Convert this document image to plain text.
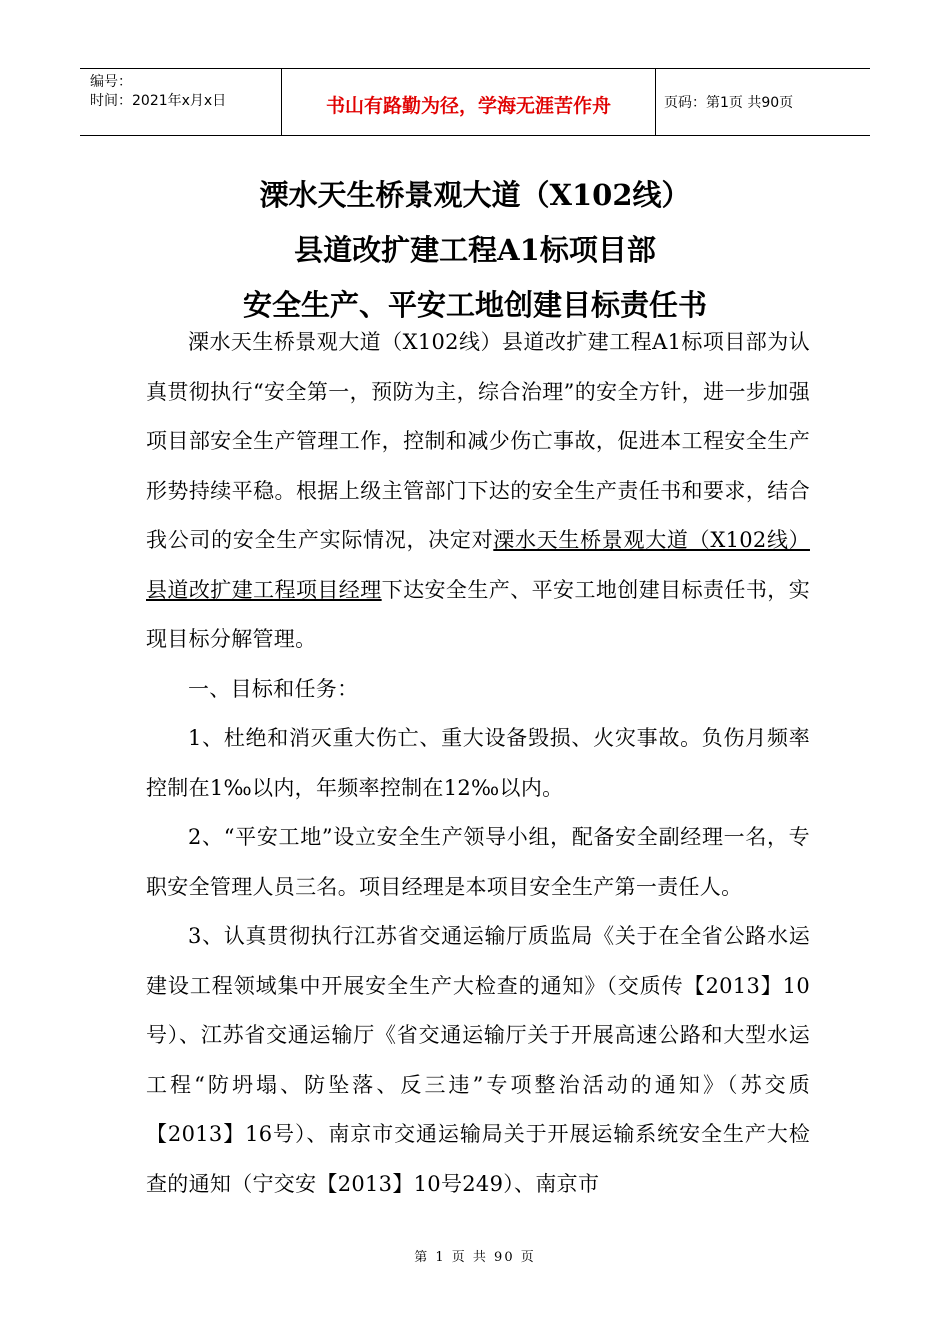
编号：
时间：2021年x月x日	书山有路勤为径，学海无涯苦作舟	页码：第1页 共90页
溧水天生桥景观大道（X102线）
县道改扩建工程A1标项目部
安全生产、平安工地创建目标责任书

溧水天生桥景观大道（X102线）县道改扩建工程A1标项目部为认真贯彻执行“安全第一，预防为主，综合治理”的安全方针，进一步加强项目部安全生产管理工作，控制和减少伤亡事故，促进本工程安全生产形势持续平稳。根据上级主管部门下达的安全生产责任书和要求，结合我公司的安全生产实际情况，决定对溧水天生桥景观大道（X102线）县道改扩建工程项目经理下达安全生产、平安工地创建目标责任书，实现目标分解管理。

一、目标和任务：

1、杜绝和消灭重大伤亡、重大设备毁损、火灾事故。负伤月频率控制在1‰以内，年频率控制在12‰以内。

2、“平安工地”设立安全生产领导小组，配备安全副经理一名，专职安全管理人员三名。项目经理是本项目安全生产第一责任人。

3、认真贯彻执行江苏省交通运输厅质监局《关于在全省公路水运建设工程领域集中开展安全生产大检查的通知》（交质传【2013】10号）、江苏省交通运输厅《省交通运输厅关于开展高速公路和大型水运工程“防坍塌、防坠落、反三违”专项整治活动的通知》（苏交质【2013】16号）、南京市交通运输局关于开展运输系统安全生产大检查的通知（宁交安【2013】10号249）、南京市

第 1 页 共 90 页
